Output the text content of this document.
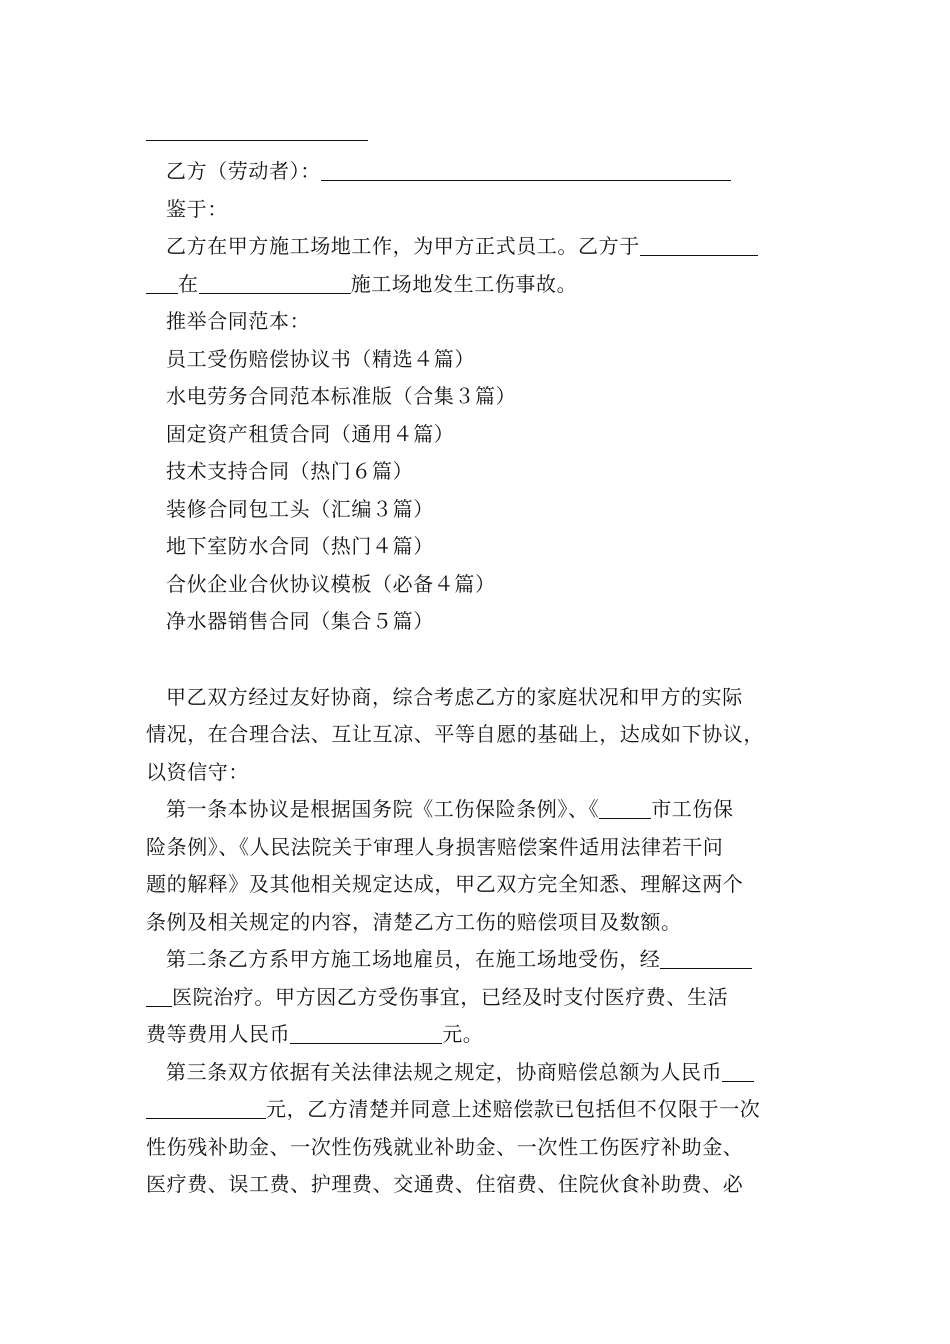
乙方（劳动者）：

鉴于：

乙方在甲方施工场地工作，为甲方正式员工。乙方于

在	施工场地发生工伤事故。

推举合同范本：

员工受伤赔偿协议书（精选４篇）

水电劳务合同范本标准版（合集３篇）

固定资产租赁合同（通用４篇）

技术支持合同（热门６篇）

装修合同包工头（汇编３篇）

地下室防水合同（热门４篇）

合伙企业合伙协议模板（必备４篇）

净水器销售合同（集合５篇）

甲乙双方经过友好协商，综合考虑乙方的家庭状况和甲方的实际

情况，在合理合法、互让互凉、平等自愿的基础上，达成如下协议，

以资信守：

第一条本协议是根据国务院《工伤保险条例》、《	市工伤保

险条例》、《人民法院关于审理人身损害赔偿案件适用法律若干问

题的解释》及其他相关规定达成，甲乙双方完全知悉、理解这两个

条例及相关规定的内容，清楚乙方工伤的赔偿项目及数额。

第二条乙方系甲方施工场地雇员，在施工场地受伤，经

医院治疗。甲方因乙方受伤事宜，已经及时支付医疗费、生活

费等费用人民币	元。

第三条双方依据有关法律法规之规定，协商赔偿总额为人民币

元，乙方清楚并同意上述赔偿款已包括但不仅限于一次

性伤残补助金、一次性伤残就业补助金、一次性工伤医疗补助金、

医疗费、误工费、护理费、交通费、住宿费、住院伙食补助费、必
